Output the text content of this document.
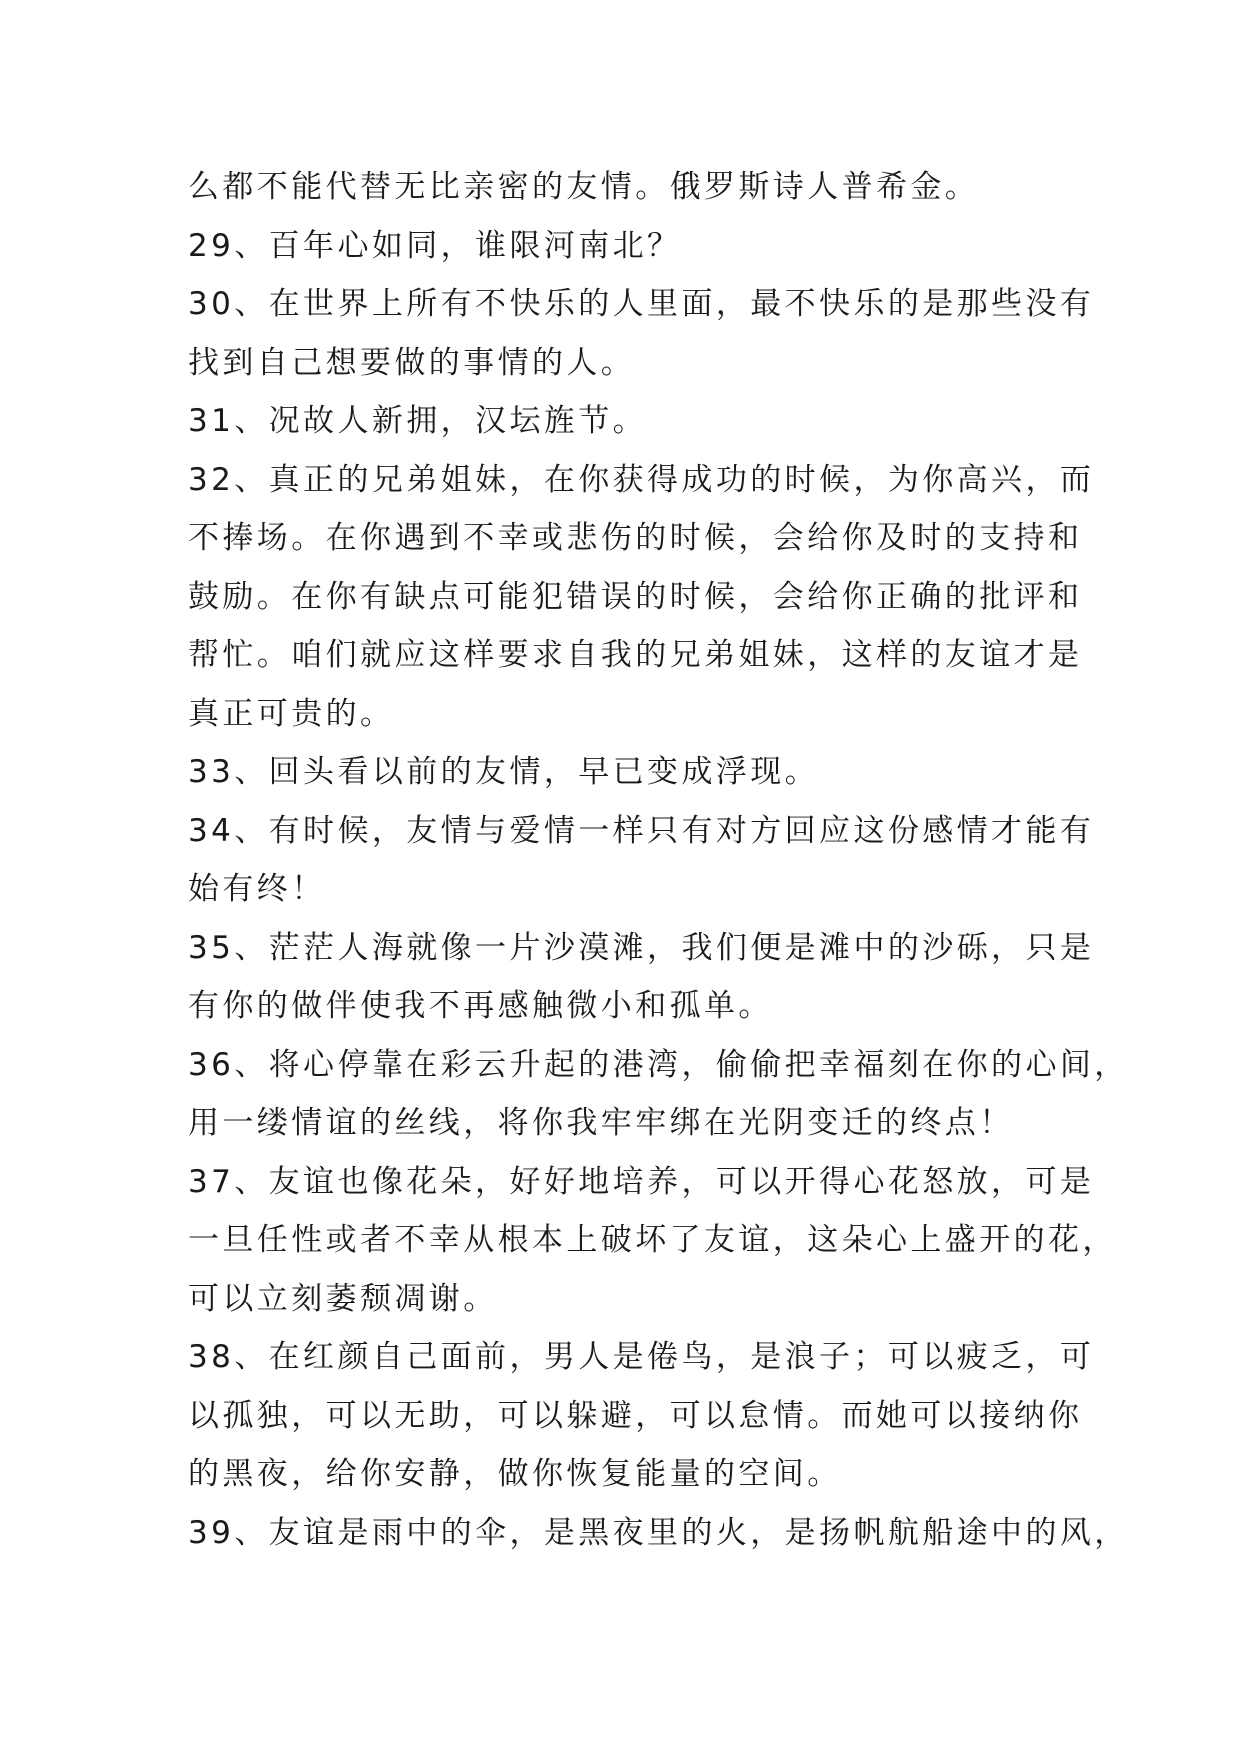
么都不能代替无比亲密的友情。俄罗斯诗人普希金。
29、百年心如同，谁限河南北？
30、在世界上所有不快乐的人里面，最不快乐的是那些没有
找到自己想要做的事情的人。
31、况故人新拥，汉坛旌节。
32、真正的兄弟姐妹，在你获得成功的时候，为你高兴，而
不捧场。在你遇到不幸或悲伤的时候，会给你及时的支持和
鼓励。在你有缺点可能犯错误的时候，会给你正确的批评和
帮忙。咱们就应这样要求自我的兄弟姐妹，这样的友谊才是
真正可贵的。
33、回头看以前的友情，早已变成浮现。
34、有时候，友情与爱情一样只有对方回应这份感情才能有
始有终！
35、茫茫人海就像一片沙漠滩，我们便是滩中的沙砾，只是
有你的做伴使我不再感触微小和孤单。
36、将心停靠在彩云升起的港湾，偷偷把幸福刻在你的心间，
用一缕情谊的丝线，将你我牢牢绑在光阴变迁的终点！
37、友谊也像花朵，好好地培养，可以开得心花怒放，可是
一旦任性或者不幸从根本上破坏了友谊，这朵心上盛开的花，
可以立刻萎颓凋谢。
38、在红颜自己面前，男人是倦鸟，是浪子；可以疲乏，可
以孤独，可以无助，可以躲避，可以怠情。而她可以接纳你
的黑夜，给你安静，做你恢复能量的空间。
39、友谊是雨中的伞，是黑夜里的火，是扬帆航船途中的风，
